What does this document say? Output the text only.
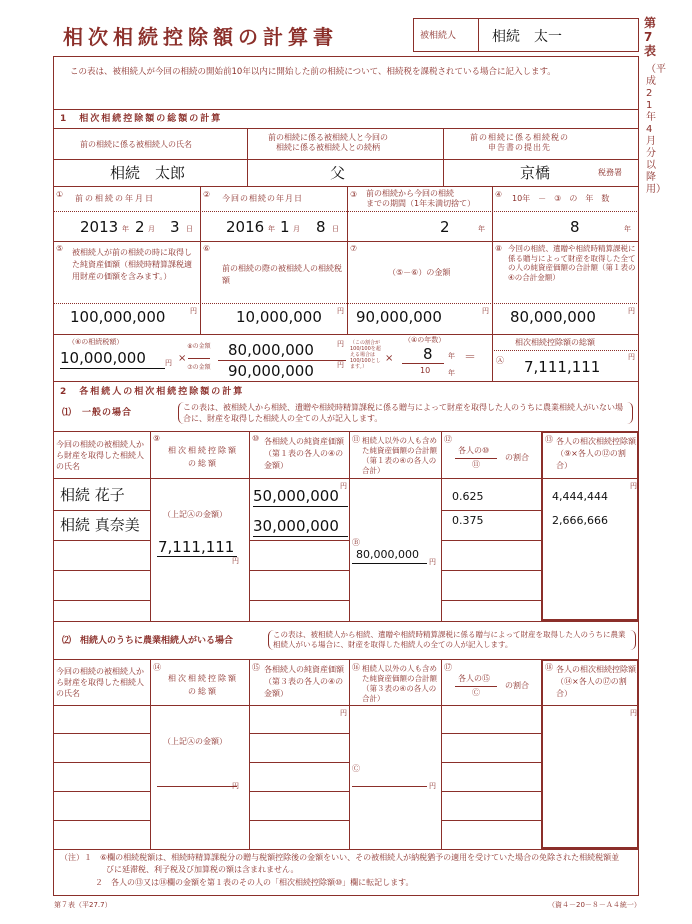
相次相続控除額の計算書	被相続人	相続　太一
第7表
（平成21年4月分以降用）
この表は、被相続人が今回の相続の開始前10年以内に開始した前の相続について、相続税を課税されている場合に記入します。
1　相次相続控除額の総額の計算
前の相続に係る被相続人の氏名
前の相続に係る被相続人と今回の
相続に係る被相続人との続柄
前の相続に係る相続税の
申告書の提出先
相続　太郎	父	京橋	税務署
① 前の相続の年月日	② 今回の相続の年月日	③ 前の相続から今回の相続
までの期間（1年未満切捨て）
④ 10年　－　③　の　年　数
2013 年 2 月 3 日 2016 年 1 月 8 日	2	年	8	年
⑤ 被相続人が前の相続の時に取得した純資産価額（相続時精算課税適用財産の価額を含みます。）
⑥
前の相続の際の被相続人の相続税額
⑦
（⑤－⑥）の金額
⑧ 今回の相続、遺贈や相続時精算課税に係る贈与によって財産を取得した全ての人の純資産価額の合計額（第１表の④の合計金額）
100,000,000	円	10,000,000 円 90,000,000	円 80,000,000	円
（⑥の相続税額）
10,000,000	円 ×
⑧の金額
⑦の金額
80,000,000
90,000,000
円
円
（この割合が100/100を超える場合は100/100とします。）
×
（④の年数）
8
10
年
年
＝
相次相続控除額の総額
Ⓐ 7,111,111
円
2　各相続人の相次相続控除額の計算
⑴　一般の場合
この表は、被相続人から相続、遺贈や相続時精算課税に係る贈与によって財産を取得した人のうちに農業相続人がいない場合に、財産を取得した相続人の全ての人が記入します。
今回の相続の被相続人から財産を取得した相続人の氏名
⑨
相次相続控除額の総額
⑩ 各相続人の純資産価額（第１表の各人の④の金額）
⑪ 相続人以外の人も含めた純資産価額の合計額（第１表の④の各人の合計）
⑫
各人の⑩
⑪
の割合
⑬ 各人の相次相続控除額（⑨×各人の⑫の割合）
円	円
相続 花子	50,000,000	0.625	4,444,444
相続 真奈美	30,000,000	0.375	2,666,666
（上記Ⓐの金額）
7,111,111
円
Ⓑ
80,000,000
円
⑵　相続人のうちに農業相続人がいる場合
この表は、被相続人から相続、遺贈や相続時精算課税に係る贈与によって財産を取得した人のうちに農業相続人がいる場合に、財産を取得した相続人の全ての人が記入します。
今回の相続の被相続人から財産を取得した相続人の氏名
⑭
相次相続控除額の総額
⑮ 各相続人の純資産価額（第３表の各人の④の金額）
⑯ 相続人以外の人も含めた純資産価額の合計額（第３表の④の各人の合計）
⑰
各人の⑮
Ⓒ
の割合
⑱ 各人の相次相続控除額（⑭×各人の⑰の割合）
円	円
（上記Ⓐの金額）
円
Ⓒ
円
（注）１　⑥欄の相続税額は、相続時精算課税分の贈与税額控除後の金額をいい、その被相続人が納税猶予の適用を受けていた場合の免除された相続税額並びに延滞税、利子税及び加算税の額は含まれません。
２　各人の⑬又は⑱欄の金額を第１表のその人の「相次相続控除額⑩」欄に転記します。
第７表（平27.7）	（資４－20－８－Ａ４統一）
